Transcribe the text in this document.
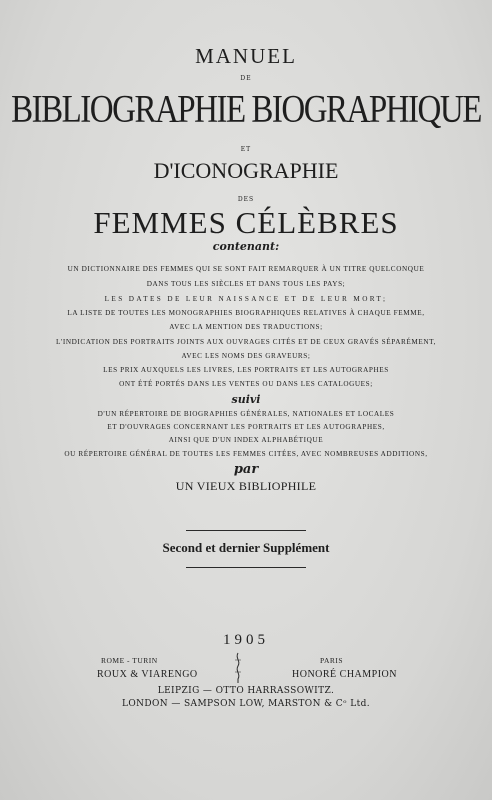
MANUEL
DE
BIBLIOGRAPHIE BIOGRAPHIQUE
ET
D'ICONOGRAPHIE
DES
FEMMES CÉLÈBRES
contenant:
UN DICTIONNAIRE DES FEMMES QUI SE SONT FAIT REMARQUER À UN TITRE QUELCONQUE
DANS TOUS LES SIÈCLES ET DANS TOUS LES PAYS;
LES DATES DE LEUR NAISSANCE ET DE LEUR MORT;
LA LISTE DE TOUTES LES MONOGRAPHIES BIOGRAPHIQUES RELATIVES À CHAQUE FEMME,
AVEC LA MENTION DES TRADUCTIONS;
L'INDICATION DES PORTRAITS JOINTS AUX OUVRAGES CITÉS ET DE CEUX GRAVÉS SÉPARÉMENT,
AVEC LES NOMS DES GRAVEURS;
LES PRIX AUXQUELS LES LIVRES, LES PORTRAITS ET LES AUTOGRAPHES
ONT ÉTÉ PORTÉS DANS LES VENTES OU DANS LES CATALOGUES;
suivi
D'UN RÉPERTOIRE DE BIOGRAPHIES GÉNÉRALES, NATIONALES ET LOCALES
ET D'OUVRAGES CONCERNANT LES PORTRAITS ET LES AUTOGRAPHES,
AINSI QUE D'UN INDEX ALPHABÉTIQUE
OU RÉPERTOIRE GÉNÉRAL DE TOUTES LES FEMMES CITÉES, AVEC NOMBREUSES ADDITIONS,
par
UN VIEUX BIBLIOPHILE
Second et dernier Supplément
1905
ROME - TURIN
ROUX & VIARENGO
PARIS
HONORÉ CHAMPION
LEIPZIG — OTTO HARRASSOWITZ.
LONDON — SAMPSON LOW, MARSTON & Cᵒ Ltd.
